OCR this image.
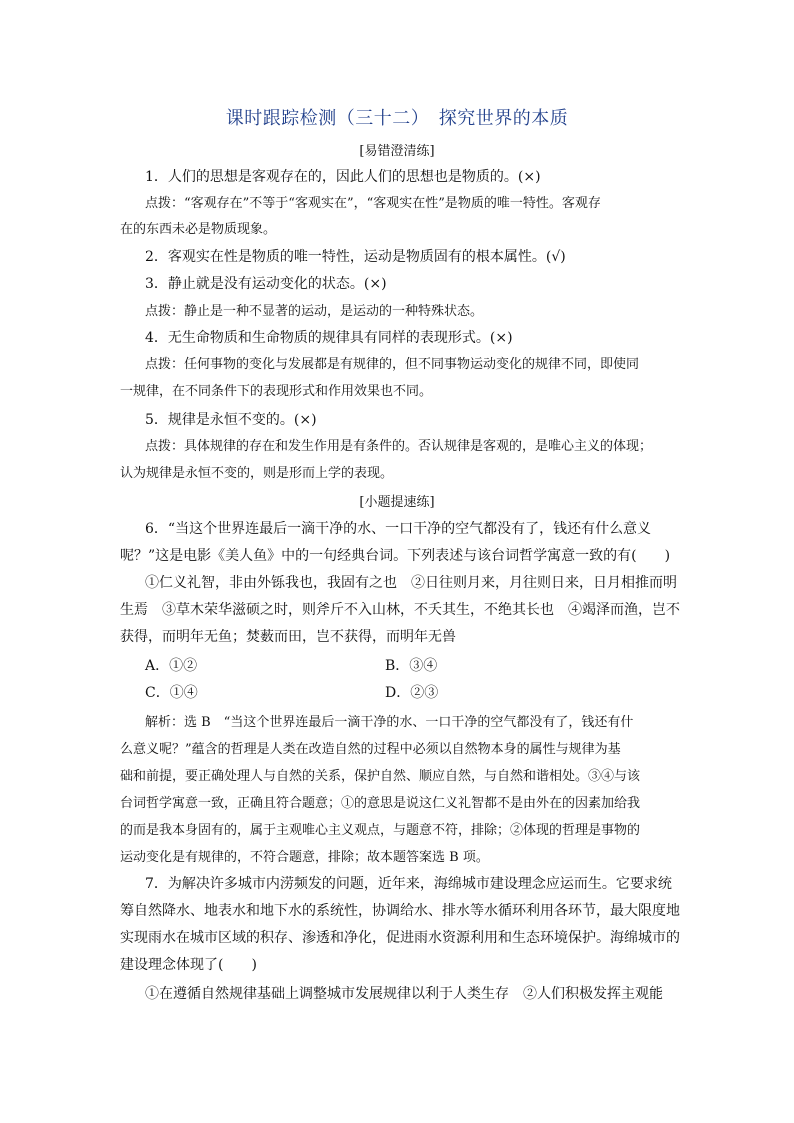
课时跟踪检测（三十二）　探究世界的本质
[易错澄清练]
1．人们的思想是客观存在的，因此人们的思想也是物质的。(×)
点拨：“客观存在”不等于“客观实在”，“客观实在性”是物质的唯一特性。客观存
在的东西未必是物质现象。
2．客观实在性是物质的唯一特性，运动是物质固有的根本属性。(√)
3．静止就是没有运动变化的状态。(×)
点拨：静止是一种不显著的运动，是运动的一种特殊状态。
4．无生命物质和生命物质的规律具有同样的表现形式。(×)
点拨：任何事物的变化与发展都是有规律的，但不同事物运动变化的规律不同，即使同
一规律，在不同条件下的表现形式和作用效果也不同。
5．规律是永恒不变的。(×)
点拨：具体规律的存在和发生作用是有条件的。否认规律是客观的，是唯心主义的体现；
认为规律是永恒不变的，则是形而上学的表现。
[小题提速练]
6．“当这个世界连最后一滴干净的水、一口干净的空气都没有了，钱还有什么意义
呢？”这是电影《美人鱼》中的一句经典台词。下列表述与该台词哲学寓意一致的有(　　)
①仁义礼智，非由外铄我也，我固有之也　②日往则月来，月往则日来，日月相推而明
生焉　③草木荣华滋硕之时，则斧斤不入山林，不夭其生，不绝其长也　④竭泽而渔，岂不
获得，而明年无鱼；焚薮而田，岂不获得，而明年无兽
A．①②	B．③④
C．①④	D．②③
解析：选 B　“当这个世界连最后一滴干净的水、一口干净的空气都没有了，钱还有什
么意义呢？”蕴含的哲理是人类在改造自然的过程中必须以自然物本身的属性与规律为基
础和前提，要正确处理人与自然的关系，保护自然、顺应自然，与自然和谐相处。③④与该
台词哲学寓意一致，正确且符合题意；①的意思是说这仁义礼智都不是由外在的因素加给我
的而是我本身固有的，属于主观唯心主义观点，与题意不符，排除；②体现的哲理是事物的
运动变化是有规律的，不符合题意，排除；故本题答案选 B 项。
7．为解决许多城市内涝频发的问题，近年来，海绵城市建设理念应运而生。它要求统
筹自然降水、地表水和地下水的系统性，协调给水、排水等水循环利用各环节，最大限度地
实现雨水在城市区域的积存、渗透和净化，促进雨水资源利用和生态环境保护。海绵城市的
建设理念体现了(　　)
①在遵循自然规律基础上调整城市发展规律以利于人类生存　②人们积极发挥主观能
